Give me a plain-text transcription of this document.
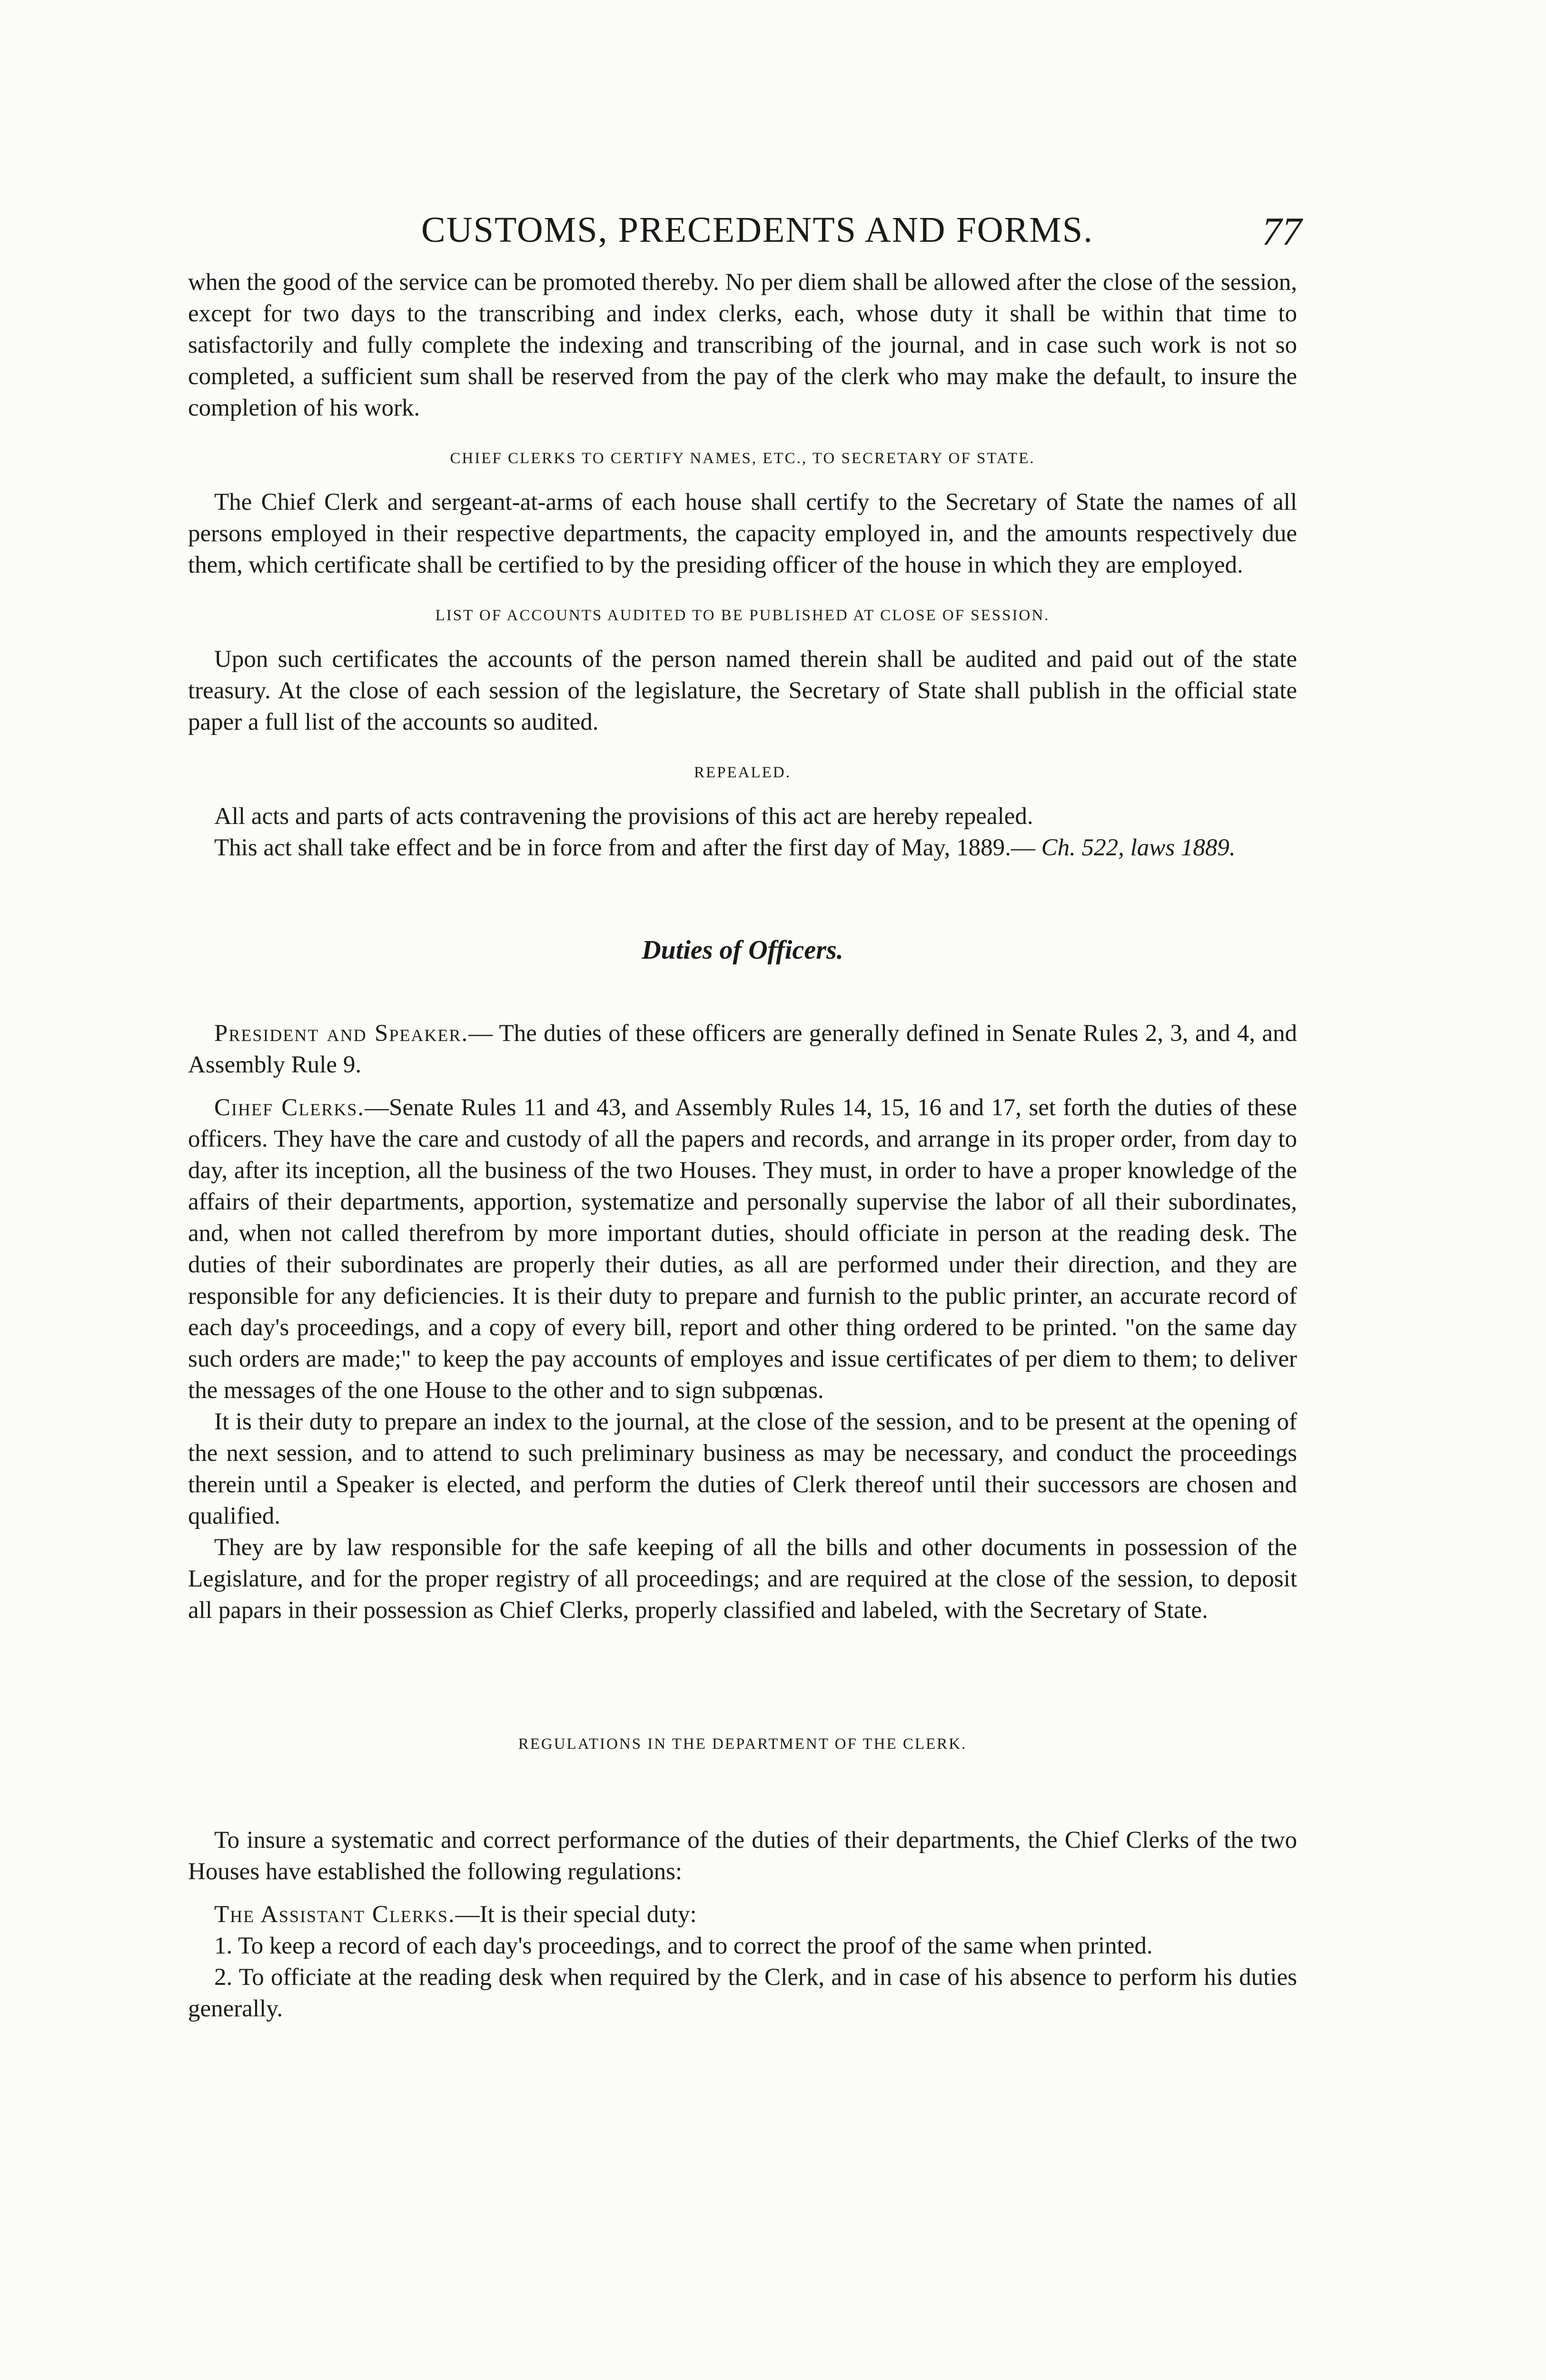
CUSTOMS, PRECEDENTS AND FORMS.	77

when the good of the service can be promoted thereby. No per diem shall be allowed after the close of the session, except for two days to the transcribing and index clerks, each, whose duty it shall be within that time to satisfactorily and fully complete the indexing and transcribing of the journal, and in case such work is not so completed, a sufficient sum shall be reserved from the pay of the clerk who may make the default, to insure the completion of his work.

CHIEF CLERKS TO CERTIFY NAMES, ETC., TO SECRETARY OF STATE.

The Chief Clerk and sergeant-at-arms of each house shall certify to the Secretary of State the names of all persons employed in their respective departments, the capacity employed in, and the amounts respectively due them, which certificate shall be certified to by the presiding officer of the house in which they are employed.

LIST OF ACCOUNTS AUDITED TO BE PUBLISHED AT CLOSE OF SESSION.

Upon such certificates the accounts of the person named therein shall be audited and paid out of the state treasury. At the close of each session of the legislature, the Secretary of State shall publish in the official state paper a full list of the accounts so audited.

REPEALED.

All acts and parts of acts contravening the provisions of this act are hereby repealed.

This act shall take effect and be in force from and after the first day of May, 1889.— Ch. 522, laws 1889.

Duties of Officers.

President and Speaker.— The duties of these officers are generally defined in Senate Rules 2, 3, and 4, and Assembly Rule 9.

Cihef Clerks.—Senate Rules 11 and 43, and Assembly Rules 14, 15, 16 and 17, set forth the duties of these officers. They have the care and custody of all the papers and records, and arrange in its proper order, from day to day, after its inception, all the business of the two Houses. They must, in order to have a proper knowledge of the affairs of their departments, apportion, systematize and personally supervise the labor of all their subordinates, and, when not called therefrom by more important duties, should officiate in person at the reading desk. The duties of their subordinates are properly their duties, as all are performed under their direction, and they are responsible for any deficiencies. It is their duty to prepare and furnish to the public printer, an accurate record of each day's proceedings, and a copy of every bill, report and other thing ordered to be printed. "on the same day such orders are made;" to keep the pay accounts of employes and issue certificates of per diem to them; to deliver the messages of the one House to the other and to sign subpœnas.

It is their duty to prepare an index to the journal, at the close of the session, and to be present at the opening of the next session, and to attend to such preliminary business as may be necessary, and conduct the proceedings therein until a Speaker is elected, and perform the duties of Clerk thereof until their successors are chosen and qualified.

They are by law responsible for the safe keeping of all the bills and other documents in possession of the Legislature, and for the proper registry of all proceedings; and are required at the close of the session, to deposit all papars in their possession as Chief Clerks, properly classified and labeled, with the Secretary of State.

REGULATIONS IN THE DEPARTMENT OF THE CLERK.

To insure a systematic and correct performance of the duties of their departments, the Chief Clerks of the two Houses have established the following regulations:

The Assistant Clerks.—It is their special duty:

1. To keep a record of each day's proceedings, and to correct the proof of the same when printed.

2. To officiate at the reading desk when required by the Clerk, and in case of his absence to perform his duties generally.
